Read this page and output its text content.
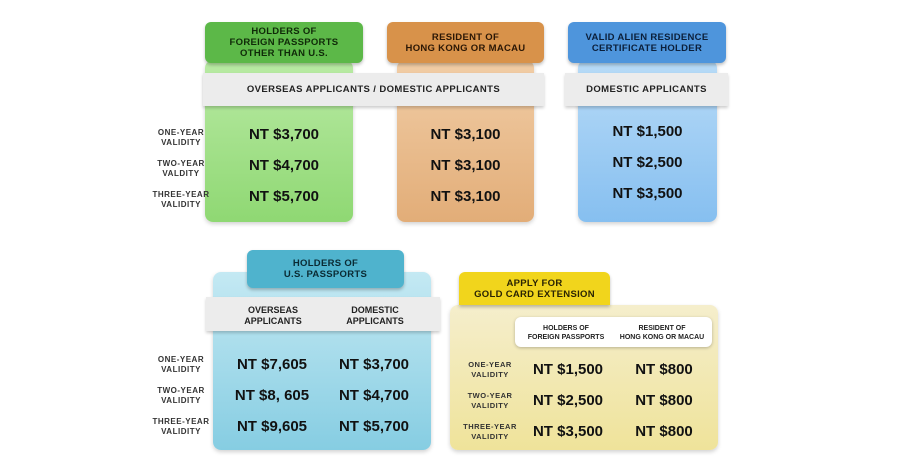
HOLDERS OF
FOREIGN PASSPORTS
OTHER THAN U.S.
RESIDENT OF
HONG KONG OR MACAU
VALID ALIEN RESIDENCE
CERTIFICATE HOLDER
OVERSEAS APPLICANTS / DOMESTIC APPLICANTS	DOMESTIC APPLICANTS
ONE-YEAR
VALIDITY
TWO-YEAR
VALDITY
THREE-YEAR
VALIDITY
NT $3,700
NT $4,700
NT $5,700
NT $3,100
NT $3,100
NT $3,100
NT $1,500
NT $2,500
NT $3,500
HOLDERS OF
U.S. PASSPORTS
OVERSEAS
APPLICANTS
DOMESTIC
APPLICANTS
ONE-YEAR
VALIDITY
TWO-YEAR
VALIDITY
THREE-YEAR
VALIDITY
NT $7,605
NT $8, 605
NT $9,605
NT $3,700
NT $4,700
NT $5,700
APPLY FOR
GOLD CARD EXTENSION
HOLDERS OF
FOREIGN PASSPORTS
RESIDENT OF
HONG KONG OR MACAU
ONE-YEAR
VALIDITY
TWO-YEAR
VALIDITY
THREE-YEAR
VALIDITY
NT $1,500
NT $2,500
NT $3,500
NT $800
NT $800
NT $800
